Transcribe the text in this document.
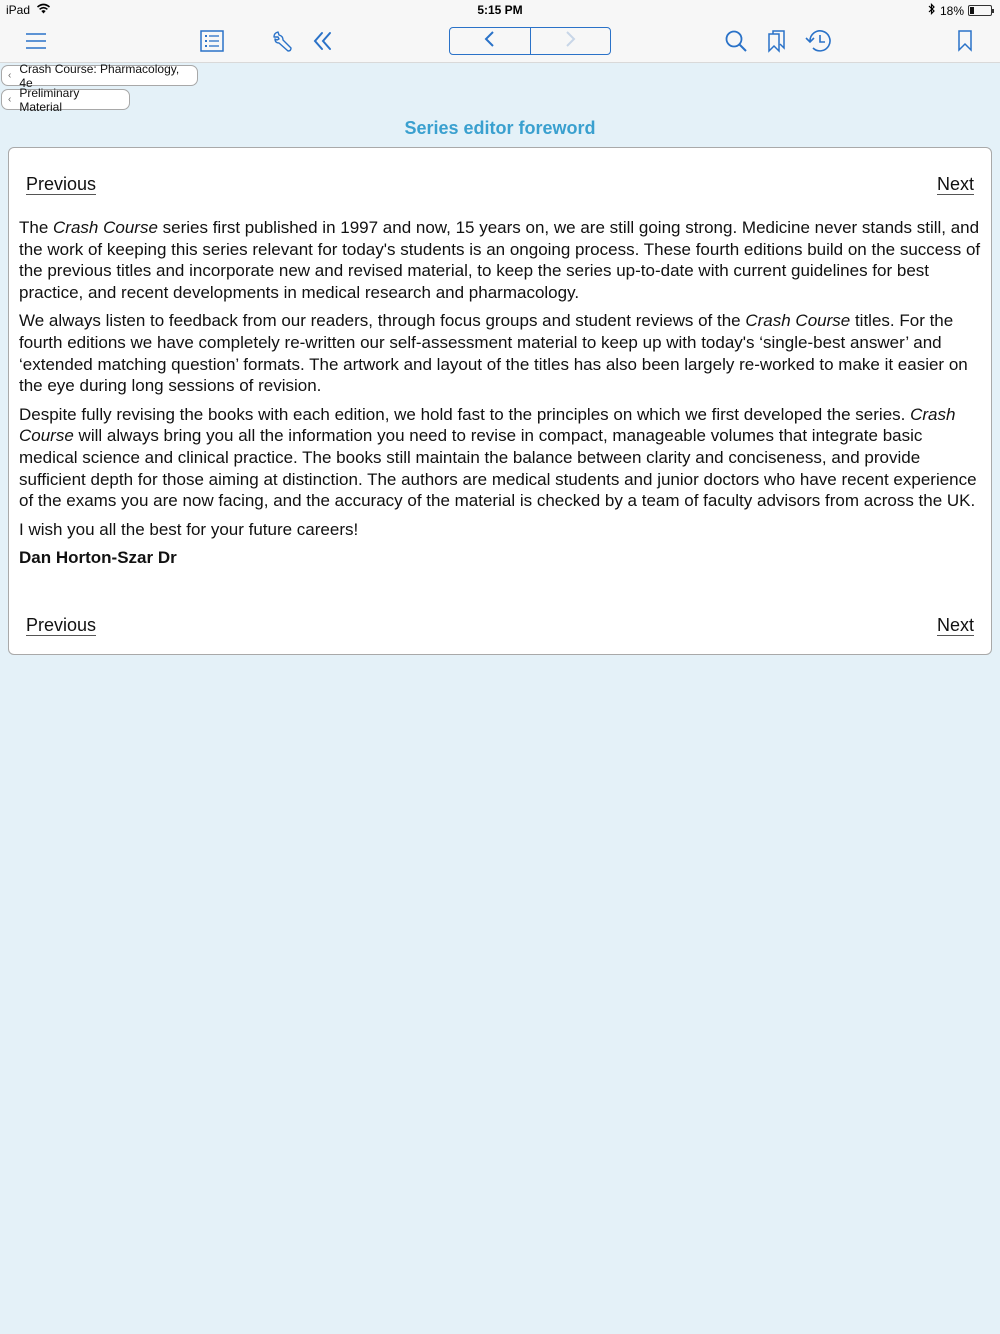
iPad	5:15 PM	18%
‹ Crash Course: Pharmacology, 4e
‹ Preliminary Material
Series editor foreword
Previous	Next

The Crash Course series first published in 1997 and now, 15 years on, we are still going strong. Medicine never stands still, and the work of keeping this series relevant for today's students is an ongoing process. These fourth editions build on the success of the previous titles and incorporate new and revised material, to keep the series up-to-date with current guidelines for best practice, and recent developments in medical research and pharmacology.

We always listen to feedback from our readers, through focus groups and student reviews of the Crash Course titles. For the fourth editions we have completely re-written our self-assessment material to keep up with today's ‘single-best answer’ and ‘extended matching question’ formats. The artwork and layout of the titles has also been largely re-worked to make it easier on the eye during long sessions of revision.

Despite fully revising the books with each edition, we hold fast to the principles on which we first developed the series. Crash Course will always bring you all the information you need to revise in compact, manageable volumes that integrate basic medical science and clinical practice. The books still maintain the balance between clarity and conciseness, and provide sufficient depth for those aiming at distinction. The authors are medical students and junior doctors who have recent experience of the exams you are now facing, and the accuracy of the material is checked by a team of faculty advisors from across the UK.

I wish you all the best for your future careers!

Dan Horton-Szar Dr

Previous	Next
